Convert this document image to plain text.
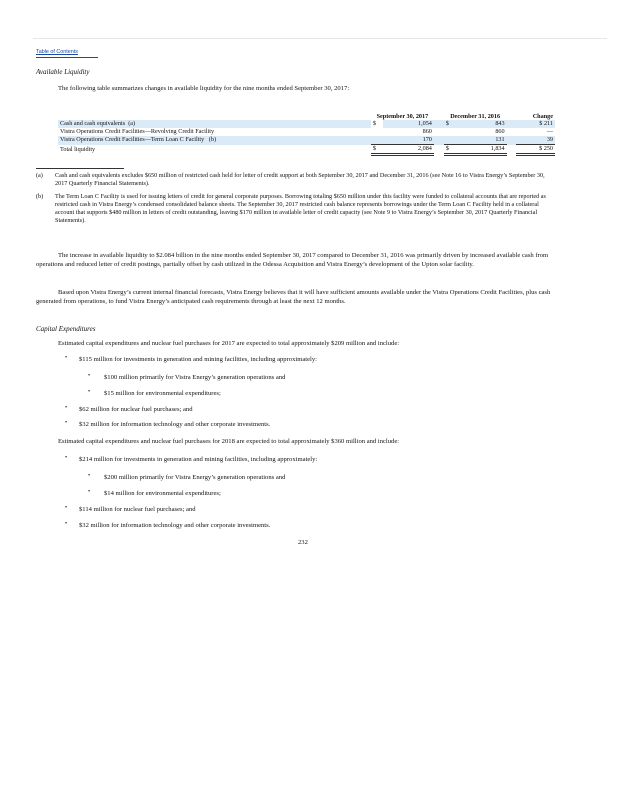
Table of Contents
Available Liquidity

The following table summarizes changes in available liquidity for the nine months ended September 30, 2017:

	September 30, 2017			December 31, 2016			Change
Cash and cash equivalents (a)	$	1,054		$	843		$ 211
Vistra Operations Credit Facilities—Revolving Credit Facility		860			860		—
Vistra Operations Credit Facilities—Term Loan C Facility (b)		170			131		39
Total liquidity	$	2,084		$	1,834		$ 250
(a) Cash and cash equivalents excludes $650 million of restricted cash held for letter of credit support at both September 30, 2017 and December 31, 2016 (see Note 16 to Vistra Energy’s September 30, 2017 Quarterly Financial Statements).
(b) The Term Loan C Facility is used for issuing letters of credit for general corporate purposes. Borrowing totaling $650 million under this facility were funded to collateral accounts that are reported as restricted cash in Vistra Energy’s condensed consolidated balance sheets. The September 30, 2017 restricted cash balance represents borrowings under the Term Loan C Facility held in a collateral account that supports $480 million in letters of credit outstanding, leaving $170 million in available letter of credit capacity (see Note 9 to Vistra Energy’s September 30, 2017 Quarterly Financial Statements).

The increase in available liquidity to $2.084 billion in the nine months ended September 30, 2017 compared to December 31, 2016 was primarily driven by increased available cash from operations and reduced letter of credit postings, partially offset by cash utilized in the Odessa Acquisition and Vistra Energy’s development of the Upton solar facility.

Based upon Vistra Energy’s current internal financial forecasts, Vistra Energy believes that it will have sufficient amounts available under the Vistra Operations Credit Facilities, plus cash generated from operations, to fund Vistra Energy’s anticipated cash requirements through at least the next 12 months.

Capital Expenditures

Estimated capital expenditures and nuclear fuel purchases for 2017 are expected to total approximately $209 million and include:

• $115 million for investments in generation and mining facilities, including approximately:
• $100 million primarily for Vistra Energy’s generation operations and
• $15 million for environmental expenditures;
• $62 million for nuclear fuel purchases; and
• $32 million for information technology and other corporate investments.

Estimated capital expenditures and nuclear fuel purchases for 2018 are expected to total approximately $360 million and include:

• $214 million for investments in generation and mining facilities, including approximately:
• $200 million primarily for Vistra Energy’s generation operations and
• $14 million for environmental expenditures;
• $114 million for nuclear fuel purchases; and
• $32 million for information technology and other corporate investments.
232
